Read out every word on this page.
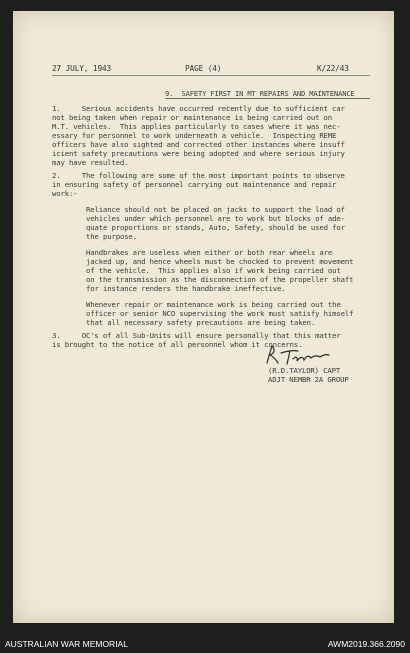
27 JULY, 1943	PAGE (4)	K/22/43
9.  SAFETY FIRST IN MT REPAIRS AND MAINTENANCE
1.     Serious accidents have occurred recently due to sufficient car
not being taken when repair or maintenance is being carried out on
M.T. vehicles.  This applies particularly to cases where it was nec-
essary for personnel to work underneath a vehicle.  Inspecting REME
officers have also sighted and corrected other instances where insuff
icient safety precautions were being adopted and where serious injury
may have resulted.
2.     The following are some of the most important points to observe
in ensuring safety of personnel carrying out maintenance and repair
work:-
Reliance should not be placed on jacks to support the load of
vehicles under which personnel are to work but blocks of ade-
quate proportions or stands, Auto, Safety, should be used for
the purpose.
Handbrakes are useless when either or both rear wheels are
jacked up, and hence wheels must be chocked to prevent movement
of the vehicle.  This applies also if work being carried out
on the transmission as the disconnection of the propeller shaft
for instance renders the handbrake ineffective.
Whenever repair or maintenance work is being carried out the
officer or senior NCO supervising the work must satisfy himself
that all necessary safety precautions are being taken.
3.     OC's of all Sub-Units will ensure personally that this matter
is brought to the notice of all personnel whom it concerns.
(R.D.TAYLOR) CAPT
ADJT NEMBR 2A GROUP
AUSTRALIAN WAR MEMORIAL	AWM2019.366.2090
